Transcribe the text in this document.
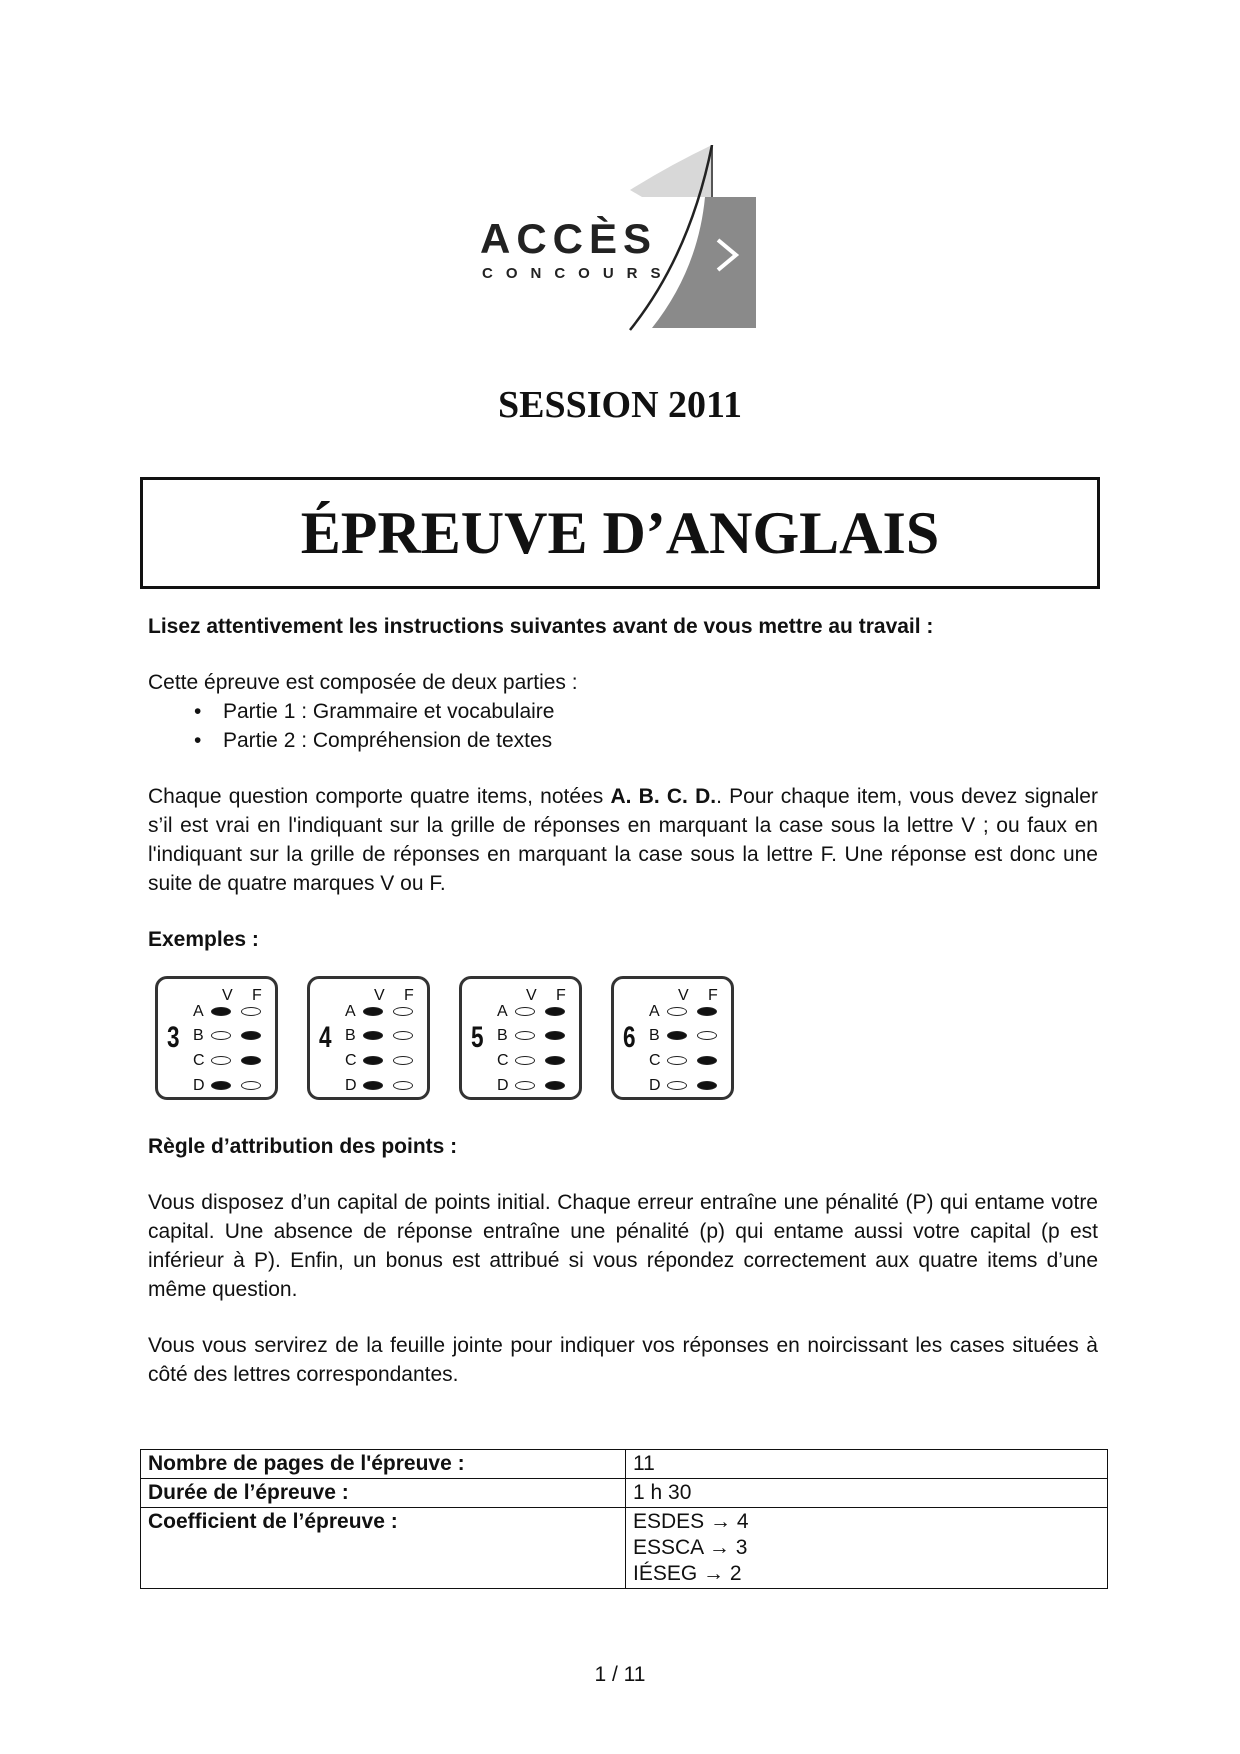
ACCÈS
CONCOURS
SESSION 2011
ÉPREUVE D’ANGLAIS

Lisez attentivement les instructions suivantes avant de vous mettre au travail :

Cette épreuve est composée de deux parties :

• Partie 1 : Grammaire et vocabulaire
• Partie 2 : Compréhension de textes

Chaque question comporte quatre items, notées A. B. C. D.. Pour chaque item, vous devez signaler s’il est vrai en l'indiquant sur la grille de réponses en marquant la case sous la lettre V ; ou faux en l'indiquant sur la grille de réponses en marquant la case sous la lettre F. Une réponse est donc une suite de quatre marques V ou F.

Exemples :

3
V F
A
B
C
D
4
V F
A
B
C
D
5
V F
A
B
C
D
6
V F
A
B
C
D

Règle d’attribution des points :

Vous disposez d’un capital de points initial. Chaque erreur entraîne une pénalité (P) qui entame votre capital. Une absence de réponse entraîne une pénalité (p) qui entame aussi votre capital (p est inférieur à P). Enfin, un bonus est attribué si vous répondez correctement aux quatre items d’une même question.

Vous vous servirez de la feuille jointe pour indiquer vos réponses en noircissant les cases situées à côté des lettres correspondantes.

Nombre de pages de l'épreuve :	11
Durée de l’épreuve :	1 h 30
Coefficient de l’épreuve :	ESDES → 4
ESSCA → 3
IÉSEG → 2
1 / 11
